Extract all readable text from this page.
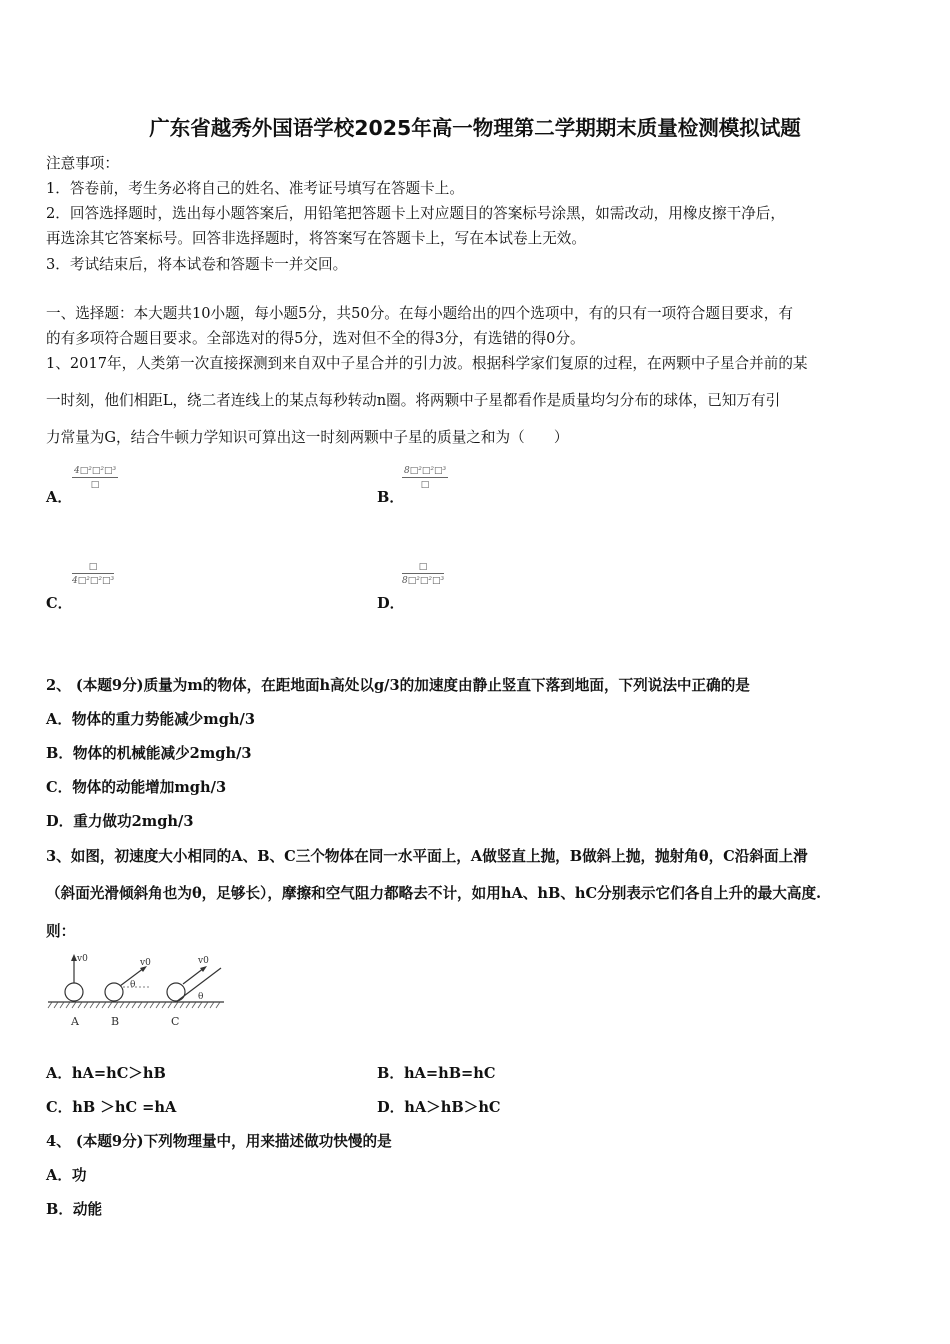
广东省越秀外国语学校2025年高一物理第二学期期末质量检测模拟试题
注意事项：
1．答卷前，考生务必将自己的姓名、准考证号填写在答题卡上。
2．回答选择题时，选出每小题答案后，用铅笔把答题卡上对应题目的答案标号涂黑，如需改动，用橡皮擦干净后，
再选涂其它答案标号。回答非选择题时，将答案写在答题卡上，写在本试卷上无效。
3．考试结束后，将本试卷和答题卡一并交回。
一、选择题：本大题共10小题，每小题5分，共50分。在每小题给出的四个选项中，有的只有一项符合题目要求，有
的有多项符合题目要求。全部选对的得5分，选对但不全的得3分，有选错的得0分。
1、2017年，人类第一次直接探测到来自双中子星合并的引力波。根据科学家们复原的过程，在两颗中子星合并前的某
一时刻，他们相距L，绕二者连线上的某点每秒转动n圈。将两颗中子星都看作是质量均匀分布的球体，已知万有引
力常量为G，结合牛顿力学知识可算出这一时刻两颗中子星的质量之和为（　　）
A．
4□²□²□³
□
B．
8□²□²□³
□
C．
□
4□²□²□³
D．
□
8□²□²□³
2、 (本题9分)质量为m的物体，在距地面h高处以g/3的加速度由静止竖直下落到地面，下列说法中正确的是
A．物体的重力势能减少mgh/3
B．物体的机械能减少2mgh/3
C．物体的动能增加mgh/3
D．重力做功2mgh/3
3、如图，初速度大小相同的A、B、C三个物体在同一水平面上，A做竖直上抛，B做斜上抛，抛射角θ，C沿斜面上滑
（斜面光滑倾斜角也为θ，足够长），摩擦和空气阻力都略去不计，如用hA、hB、hC分别表示它们各自上升的最大高度.
则：
v0	v0
θ
v0
θ
A	B	C
A．hA=hC＞hB	B．hA=hB=hC
C．hB ＞hC =hA	D．hA＞hB＞hC
4、 (本题9分)下列物理量中，用来描述做功快慢的是
A．功
B．动能
